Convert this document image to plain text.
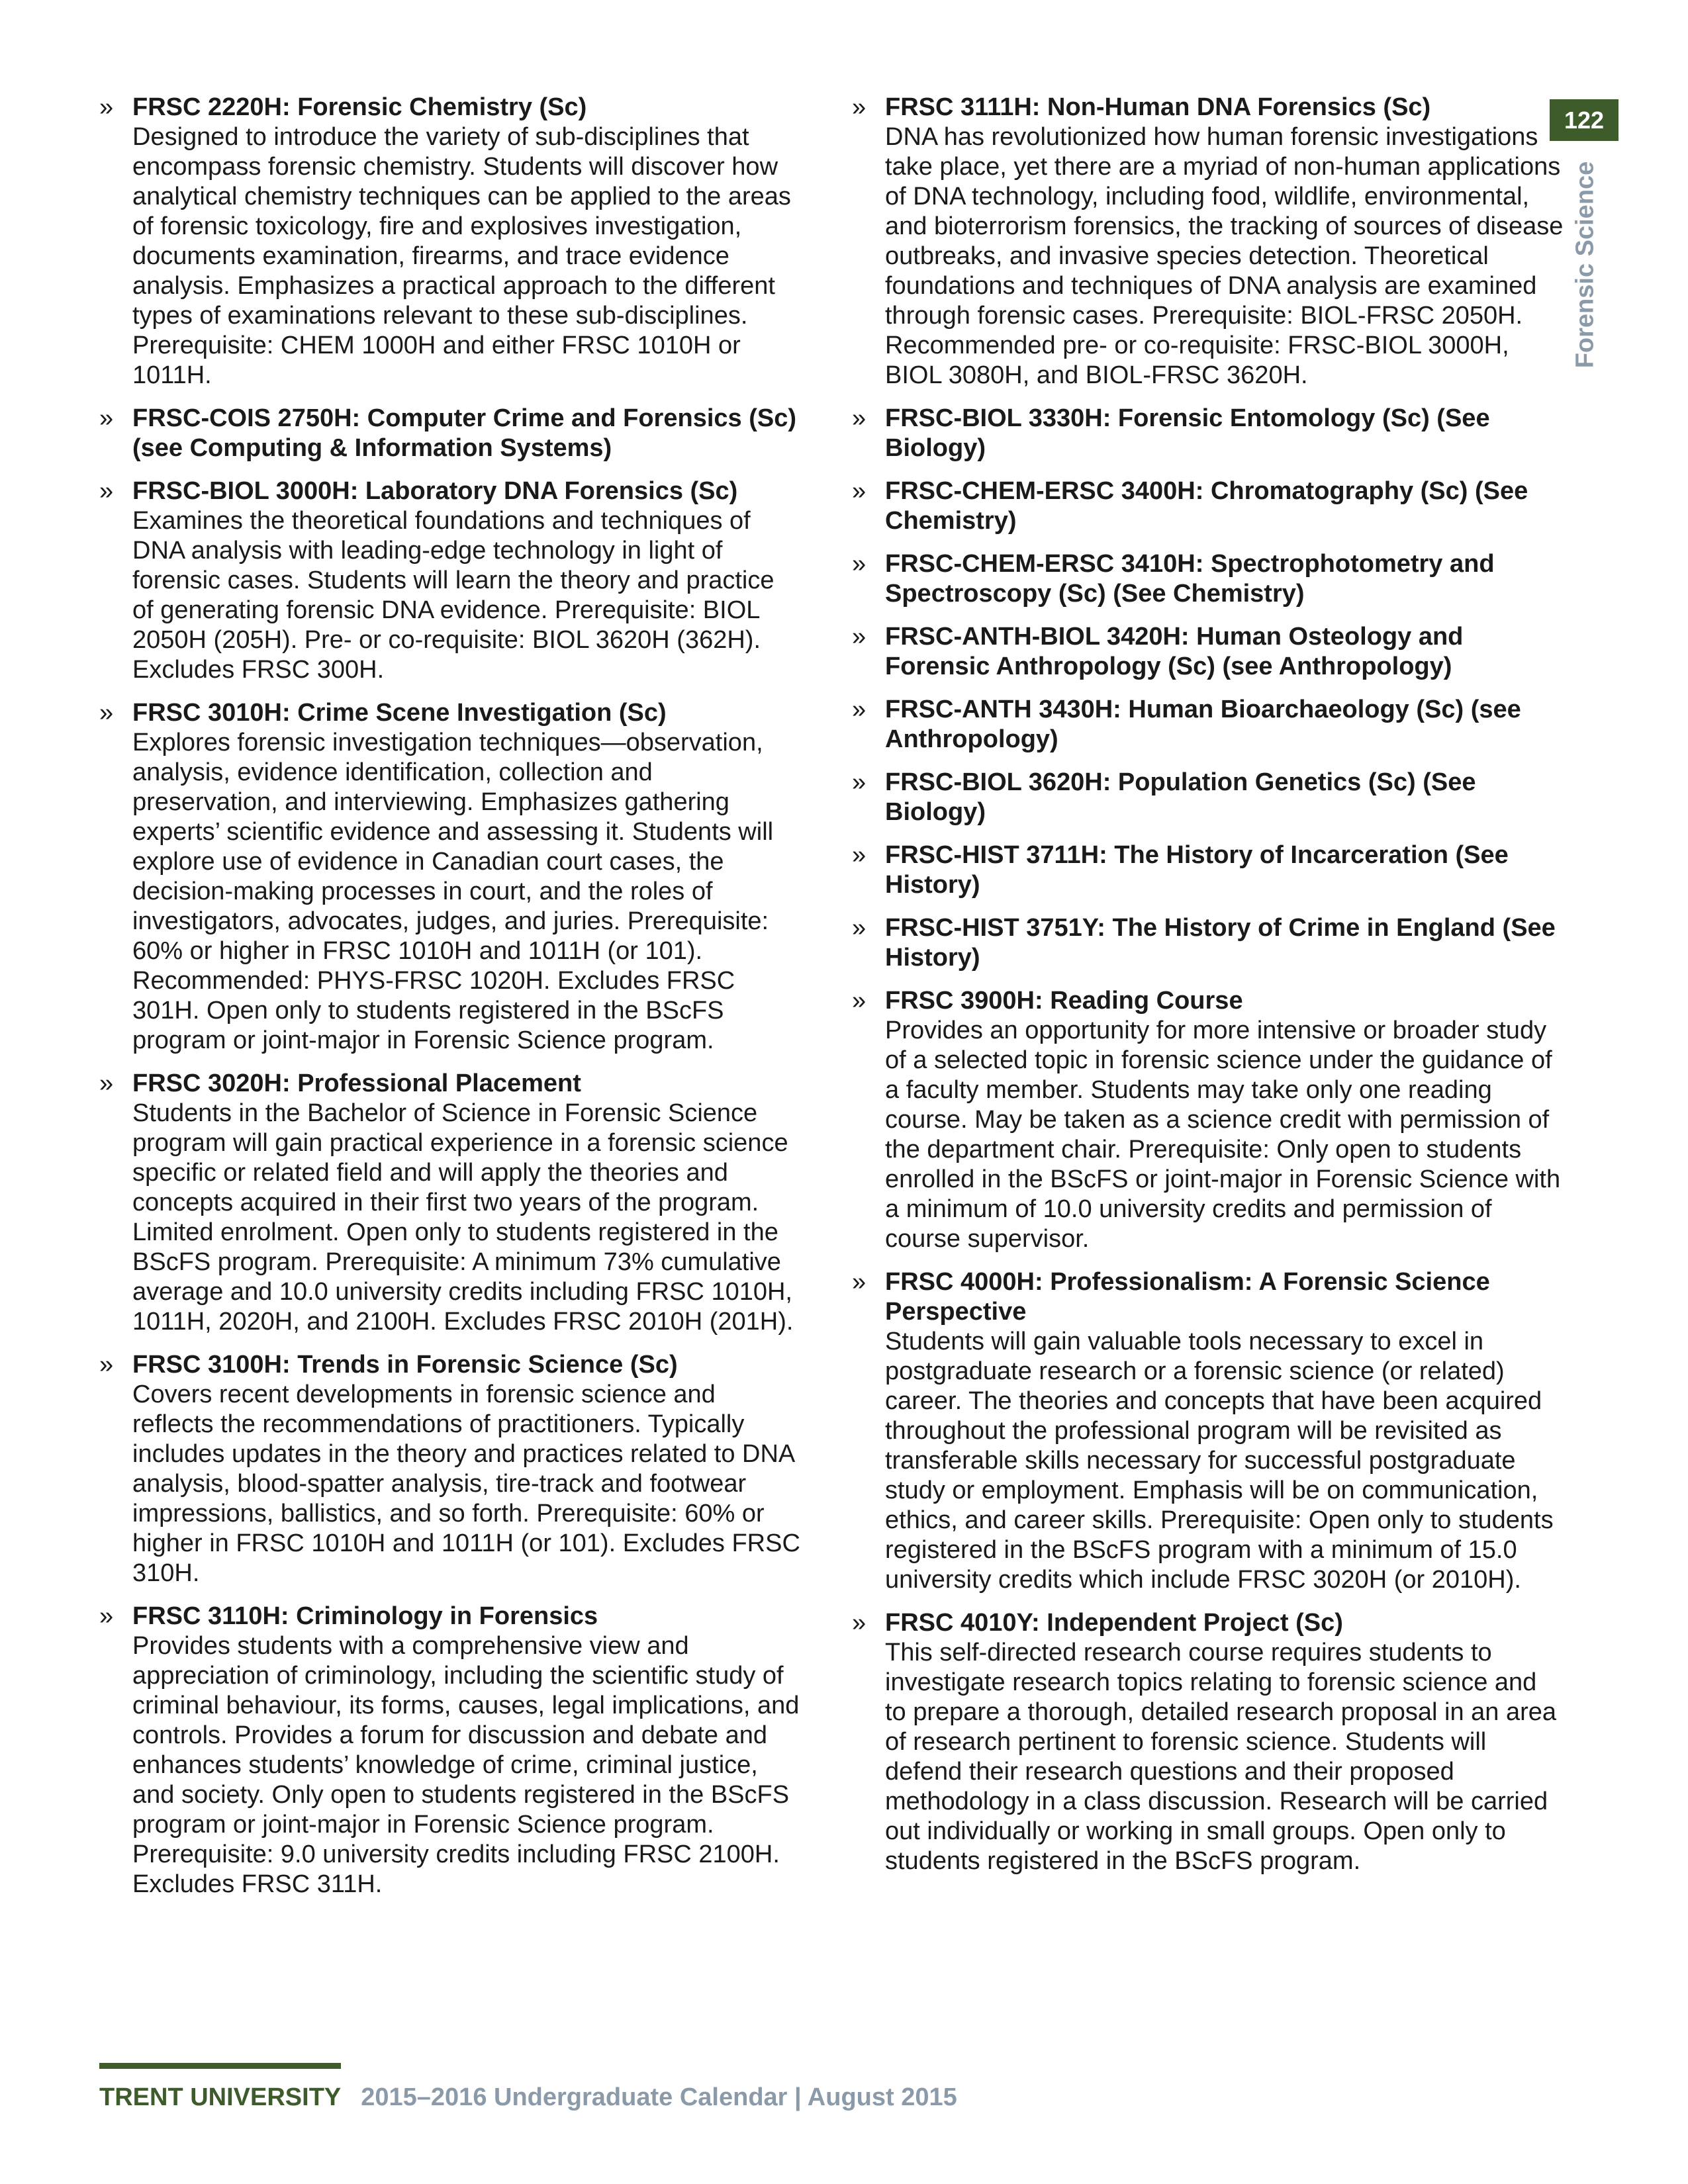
122
Forensic Science
» FRSC 2220H: Forensic Chemistry (Sc)
Designed to introduce the variety of sub-disciplines that encompass forensic chemistry. Students will discover how analytical chemistry techniques can be applied to the areas of forensic toxicology, fire and explosives investigation, documents examination, firearms, and trace evidence analysis. Emphasizes a practical approach to the different types of examinations relevant to these sub-disciplines. Prerequisite: CHEM 1000H and either FRSC 1010H or 1011H.
» FRSC-COIS 2750H: Computer Crime and Forensics (Sc) (see Computing & Information Systems)
» FRSC-BIOL 3000H: Laboratory DNA Forensics (Sc)
Examines the theoretical foundations and techniques of DNA analysis with leading-edge technology in light of forensic cases. Students will learn the theory and practice of generating forensic DNA evidence. Prerequisite: BIOL 2050H (205H). Pre- or co-requisite: BIOL 3620H (362H). Excludes FRSC 300H.
» FRSC 3010H: Crime Scene Investigation (Sc)
Explores forensic investigation techniques—observation, analysis, evidence identification, collection and preservation, and interviewing. Emphasizes gathering experts’ scientific evidence and assessing it. Students will explore use of evidence in Canadian court cases, the decision-making processes in court, and the roles of investigators, advocates, judges, and juries. Prerequisite: 60% or higher in FRSC 1010H and 1011H (or 101). Recommended: PHYS-FRSC 1020H. Excludes FRSC 301H. Open only to students registered in the BScFS program or joint-major in Forensic Science program.
» FRSC 3020H: Professional Placement
Students in the Bachelor of Science in Forensic Science program will gain practical experience in a forensic science specific or related field and will apply the theories and concepts acquired in their first two years of the program. Limited enrolment. Open only to students registered in the BScFS program. Prerequisite: A minimum 73% cumulative average and 10.0 university credits including FRSC 1010H, 1011H, 2020H, and 2100H. Excludes FRSC 2010H (201H).
» FRSC 3100H: Trends in Forensic Science (Sc)
Covers recent developments in forensic science and reflects the recommendations of practitioners. Typically includes updates in the theory and practices related to DNA analysis, blood-spatter analysis, tire-track and footwear impressions, ballistics, and so forth. Prerequisite: 60% or higher in FRSC 1010H and 1011H (or 101). Excludes FRSC 310H.
» FRSC 3110H: Criminology in Forensics
Provides students with a comprehensive view and appreciation of criminology, including the scientific study of criminal behaviour, its forms, causes, legal implications, and controls. Provides a forum for discussion and debate and enhances students’ knowledge of crime, criminal justice, and society. Only open to students registered in the BScFS program or joint-major in Forensic Science program. Prerequisite: 9.0 university credits including FRSC 2100H. Excludes FRSC 311H.
» FRSC 3111H: Non-Human DNA Forensics (Sc)
DNA has revolutionized how human forensic investigations take place, yet there are a myriad of non-human applications of DNA technology, including food, wildlife, environmental, and bioterrorism forensics, the tracking of sources of disease outbreaks, and invasive species detection. Theoretical foundations and techniques of DNA analysis are examined through forensic cases. Prerequisite: BIOL-FRSC 2050H. Recommended pre- or co-requisite: FRSC-BIOL 3000H, BIOL 3080H, and BIOL-FRSC 3620H.
» FRSC-BIOL 3330H: Forensic Entomology (Sc) (See Biology)
» FRSC-CHEM-ERSC 3400H: Chromatography (Sc) (See Chemistry)
» FRSC-CHEM-ERSC 3410H: Spectrophotometry and Spectroscopy (Sc) (See Chemistry)
» FRSC-ANTH-BIOL 3420H: Human Osteology and Forensic Anthropology (Sc) (see Anthropology)
» FRSC-ANTH 3430H: Human Bioarchaeology (Sc) (see Anthropology)
» FRSC-BIOL 3620H: Population Genetics (Sc) (See Biology)
» FRSC-HIST 3711H: The History of Incarceration (See History)
» FRSC-HIST 3751Y: The History of Crime in England (See History)
» FRSC 3900H: Reading Course
Provides an opportunity for more intensive or broader study of a selected topic in forensic science under the guidance of a faculty member. Students may take only one reading course. May be taken as a science credit with permission of the department chair. Prerequisite: Only open to students enrolled in the BScFS or joint-major in Forensic Science with a minimum of 10.0 university credits and permission of course supervisor.
» FRSC 4000H: Professionalism: A Forensic Science Perspective
Students will gain valuable tools necessary to excel in postgraduate research or a forensic science (or related) career. The theories and concepts that have been acquired throughout the professional program will be revisited as transferable skills necessary for successful postgraduate study or employment. Emphasis will be on communication, ethics, and career skills. Prerequisite: Open only to students registered in the BScFS program with a minimum of 15.0 university credits which include FRSC 3020H (or 2010H).
» FRSC 4010Y: Independent Project (Sc)
This self-directed research course requires students to investigate research topics relating to forensic science and to prepare a thorough, detailed research proposal in an area of research pertinent to forensic science. Students will defend their research questions and their proposed methodology in a class discussion. Research will be carried out individually or working in small groups. Open only to students registered in the BScFS program.
TRENT UNIVERSITY 2015–2016 Undergraduate Calendar | August 2015
